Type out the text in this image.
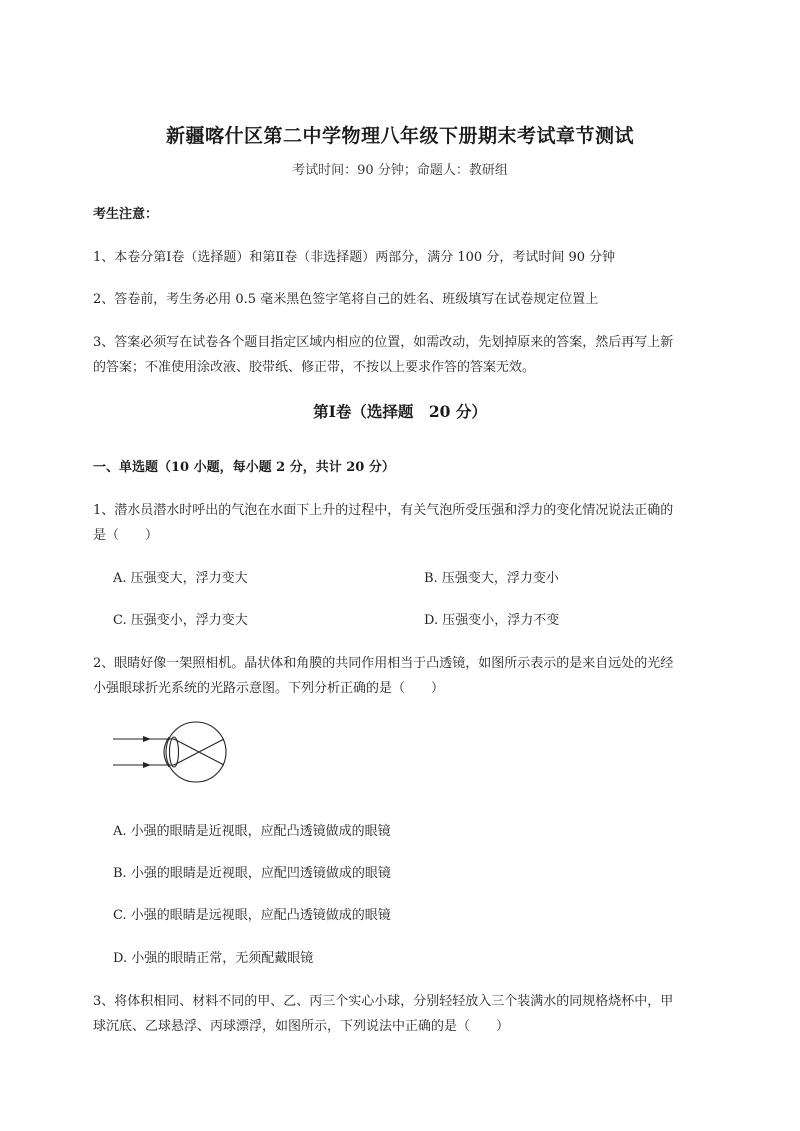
新疆喀什区第二中学物理八年级下册期末考试章节测试
考试时间：90 分钟；命题人：教研组
考生注意：
1、本卷分第Ⅰ卷（选择题）和第Ⅱ卷（非选择题）两部分，满分 100 分，考试时间 90 分钟
2、答卷前，考生务必用 0.5 毫米黑色签字笔将自己的姓名、班级填写在试卷规定位置上
3、答案必须写在试卷各个题目指定区域内相应的位置，如需改动，先划掉原来的答案，然后再写上新
的答案；不准使用涂改液、胶带纸、修正带，不按以上要求作答的答案无效。
第Ⅰ卷（选择题　20 分）
一、单选题（10 小题，每小题 2 分，共计 20 分）
1、潜水员潜水时呼出的气泡在水面下上升的过程中，有关气泡所受压强和浮力的变化情况说法正确的
是（　　）
A. 压强变大，浮力变大	B. 压强变大，浮力变小
C. 压强变小，浮力变大	D. 压强变小，浮力不变
2、眼睛好像一架照相机。晶状体和角膜的共同作用相当于凸透镜，如图所示表示的是来自远处的光经
小强眼球折光系统的光路示意图。下列分析正确的是（　　）
A. 小强的眼睛是近视眼，应配凸透镜做成的眼镜
B. 小强的眼睛是近视眼，应配凹透镜做成的眼镜
C. 小强的眼睛是远视眼，应配凸透镜做成的眼镜
D. 小强的眼睛正常，无须配戴眼镜
3、将体积相同、材料不同的甲、乙、丙三个实心小球，分别轻轻放入三个装满水的同规格烧杯中，甲
球沉底、乙球悬浮、丙球漂浮，如图所示，下列说法中正确的是（　　）
